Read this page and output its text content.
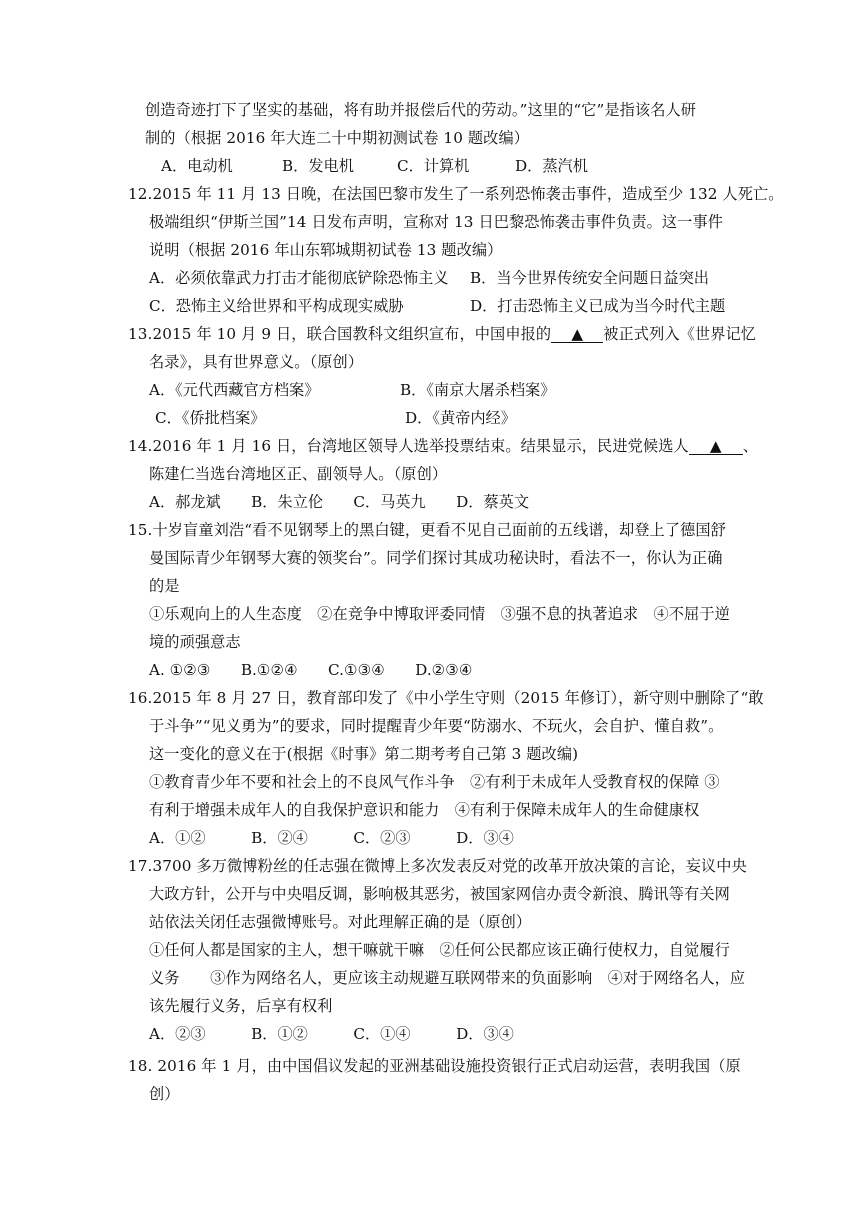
创造奇迹打下了坚实的基础，将有助并报偿后代的劳动。”这里的“它”是指该名人研
制的（根据 2016 年大连二十中期初测试卷 10 题改编）
A．电动机	B．发电机	C．计算机	D．蒸汽机
12.2015 年 11 月 13 日晚，在法国巴黎市发生了一系列恐怖袭击事件，造成至少 132 人死亡。
极端组织“伊斯兰国”14 日发布声明，宣称对 13 日巴黎恐怖袭击事件负责。这一事件
说明（根据 2016 年山东郓城期初试卷 13 题改编）
A．必须依靠武力打击才能彻底铲除恐怖主义 B．当今世界传统安全问题日益突出
C．恐怖主义给世界和平构成现实威胁	D．打击恐怖主义已成为当今时代主题
13.2015 年 10 月 9 日，联合国教科文组织宣布，中国申报的 ▲ 被正式列入《世界记忆
名录》，具有世界意义。（原创）
A．《元代西藏官方档案》	B．《南京大屠杀档案》
C．《侨批档案》	D．《黄帝内经》
14.2016 年 1 月 16 日，台湾地区领导人选举投票结束。结果显示，民进党候选人 ▲ 、
陈建仁当选台湾地区正、副领导人。（原创）
A．郝龙斌　　B．朱立伦　　C．马英九　　D．蔡英文
15.十岁盲童刘浩“看不见钢琴上的黑白键，更看不见自己面前的五线谱，却登上了德国舒
曼国际青少年钢琴大赛的领奖台”。同学们探讨其成功秘诀时，看法不一，你认为正确
的是
①乐观向上的人生态度　②在竞争中博取评委同情　③强不息的执著追求　④不屈于逆
境的顽强意志
A. ①②③　　B.①②④　　C.①③④　　D.②③④
16.2015 年 8 月 27 日，教育部印发了《中小学生守则（2015 年修订），新守则中删除了“敢
于斗争”“见义勇为”的要求，同时提醒青少年要“防溺水、不玩火，会自护、懂自救”。
这一变化的意义在于(根据《时事》第二期考考自己第 3 题改编)
①教育青少年不要和社会上的不良风气作斗争　②有利于未成年人受教育权的保障 ③
有利于增强未成年人的自我保护意识和能力　④有利于保障未成年人的生命健康权
A．①②　　　B．②④　　　C．②③　　　D．③④
17.3700 多万微博粉丝的任志强在微博上多次发表反对党的改革开放决策的言论，妄议中央
大政方针，公开与中央唱反调，影响极其恶劣，被国家网信办责令新浪、腾讯等有关网
站依法关闭任志强微博账号。对此理解正确的是（原创）
①任何人都是国家的主人，想干嘛就干嘛　②任何公民都应该正确行使权力，自觉履行
义务　　③作为网络名人，更应该主动规避互联网带来的负面影响　④对于网络名人，应
该先履行义务，后享有权利
A．②③　　　B．①②　　　C．①④　　　D．③④
18. 2016 年 1 月，由中国倡议发起的亚洲基础设施投资银行正式启动运营，表明我国（原
创）
